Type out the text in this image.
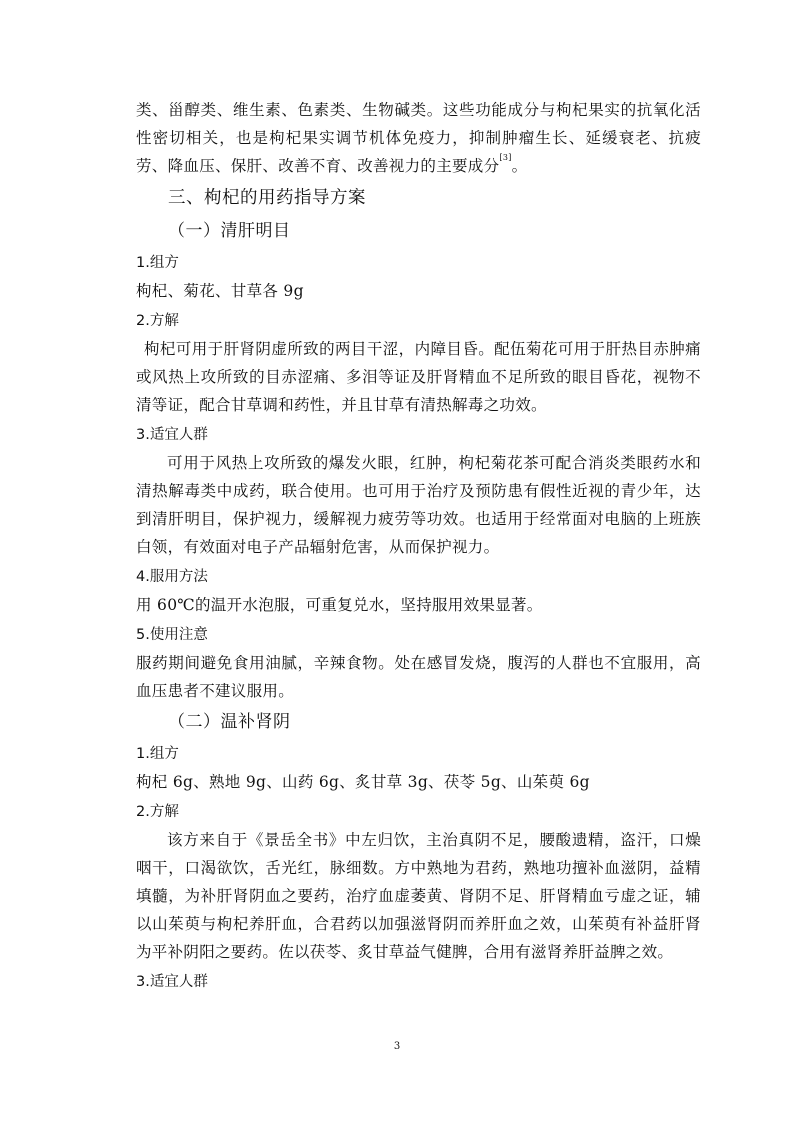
类、甾醇类、维生素、色素类、生物碱类。这些功能成分与枸杞果实的抗氧化活性密切相关，也是枸杞果实调节机体免疫力，抑制肿瘤生长、延缓衰老、抗疲劳、降血压、保肝、改善不育、改善视力的主要成分[3]。

三、枸杞的用药指导方案
（一）清肝明目
1.组方

枸杞、菊花、甘草各 9g

2.方解

枸杞可用于肝肾阴虚所致的两目干涩，内障目昏。配伍菊花可用于肝热目赤肿痛或风热上攻所致的目赤涩痛、多泪等证及肝肾精血不足所致的眼目昏花，视物不清等证，配合甘草调和药性，并且甘草有清热解毒之功效。

3.适宜人群

可用于风热上攻所致的爆发火眼，红肿，枸杞菊花茶可配合消炎类眼药水和清热解毒类中成药，联合使用。也可用于治疗及预防患有假性近视的青少年，达到清肝明目，保护视力，缓解视力疲劳等功效。也适用于经常面对电脑的上班族白领，有效面对电子产品辐射危害，从而保护视力。

4.服用方法

用 60℃的温开水泡服，可重复兑水，坚持服用效果显著。

5.使用注意

服药期间避免食用油腻，辛辣食物。处在感冒发烧，腹泻的人群也不宜服用，高血压患者不建议服用。

（二）温补肾阴
1.组方

枸杞 6g、熟地 9g、山药 6g、炙甘草 3g、茯苓 5g、山茱萸 6g

2.方解

该方来自于《景岳全书》中左归饮，主治真阴不足，腰酸遗精，盗汗，口燥咽干，口渴欲饮，舌光红，脉细数。方中熟地为君药，熟地功擅补血滋阴，益精填髓，为补肝肾阴血之要药，治疗血虚萎黄、肾阴不足、肝肾精血亏虚之证，辅以山茱萸与枸杞养肝血，合君药以加强滋肾阴而养肝血之效，山茱萸有补益肝肾为平补阴阳之要药。佐以茯苓、炙甘草益气健脾，合用有滋肾养肝益脾之效。

3.适宜人群
3
